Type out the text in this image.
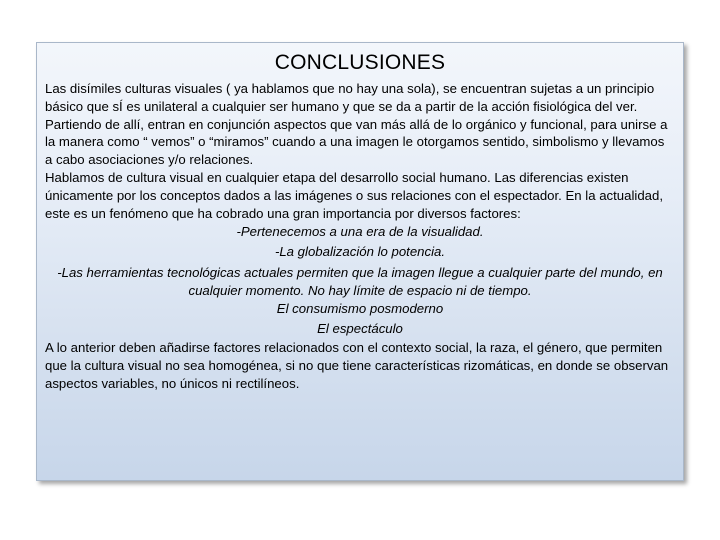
CONCLUSIONES

Las disímiles culturas visuales ( ya hablamos que no hay una sola), se encuentran sujetas a un principio básico que sÍ es unilateral a cualquier ser humano y que se da a partir de la acción fisiológica del ver. Partiendo de allí, entran en conjunción aspectos que van más allá de lo orgánico y funcional, para unirse a la manera como “ vemos” o “miramos” cuando a una imagen le otorgamos sentido, simbolismo y llevamos a cabo asociaciones y/o relaciones.

Hablamos de cultura visual en cualquier etapa del desarrollo social humano. Las diferencias existen únicamente por los conceptos dados a las imágenes o sus relaciones con el espectador. En la actualidad, este es un fenómeno que ha cobrado una gran importancia por diversos factores:

-Pertenecemos a una era de la visualidad.

-La globalización lo potencia.

-Las herramientas tecnológicas actuales permiten que la imagen llegue a cualquier parte del mundo, en cualquier momento. No hay límite de espacio ni de tiempo.

El consumismo posmoderno

El espectáculo

A lo anterior deben añadirse factores relacionados con el contexto social, la raza, el género, que permiten que la cultura visual no sea homogénea, si no que tiene características rizomáticas, en donde se observan aspectos variables, no únicos ni rectilíneos.
